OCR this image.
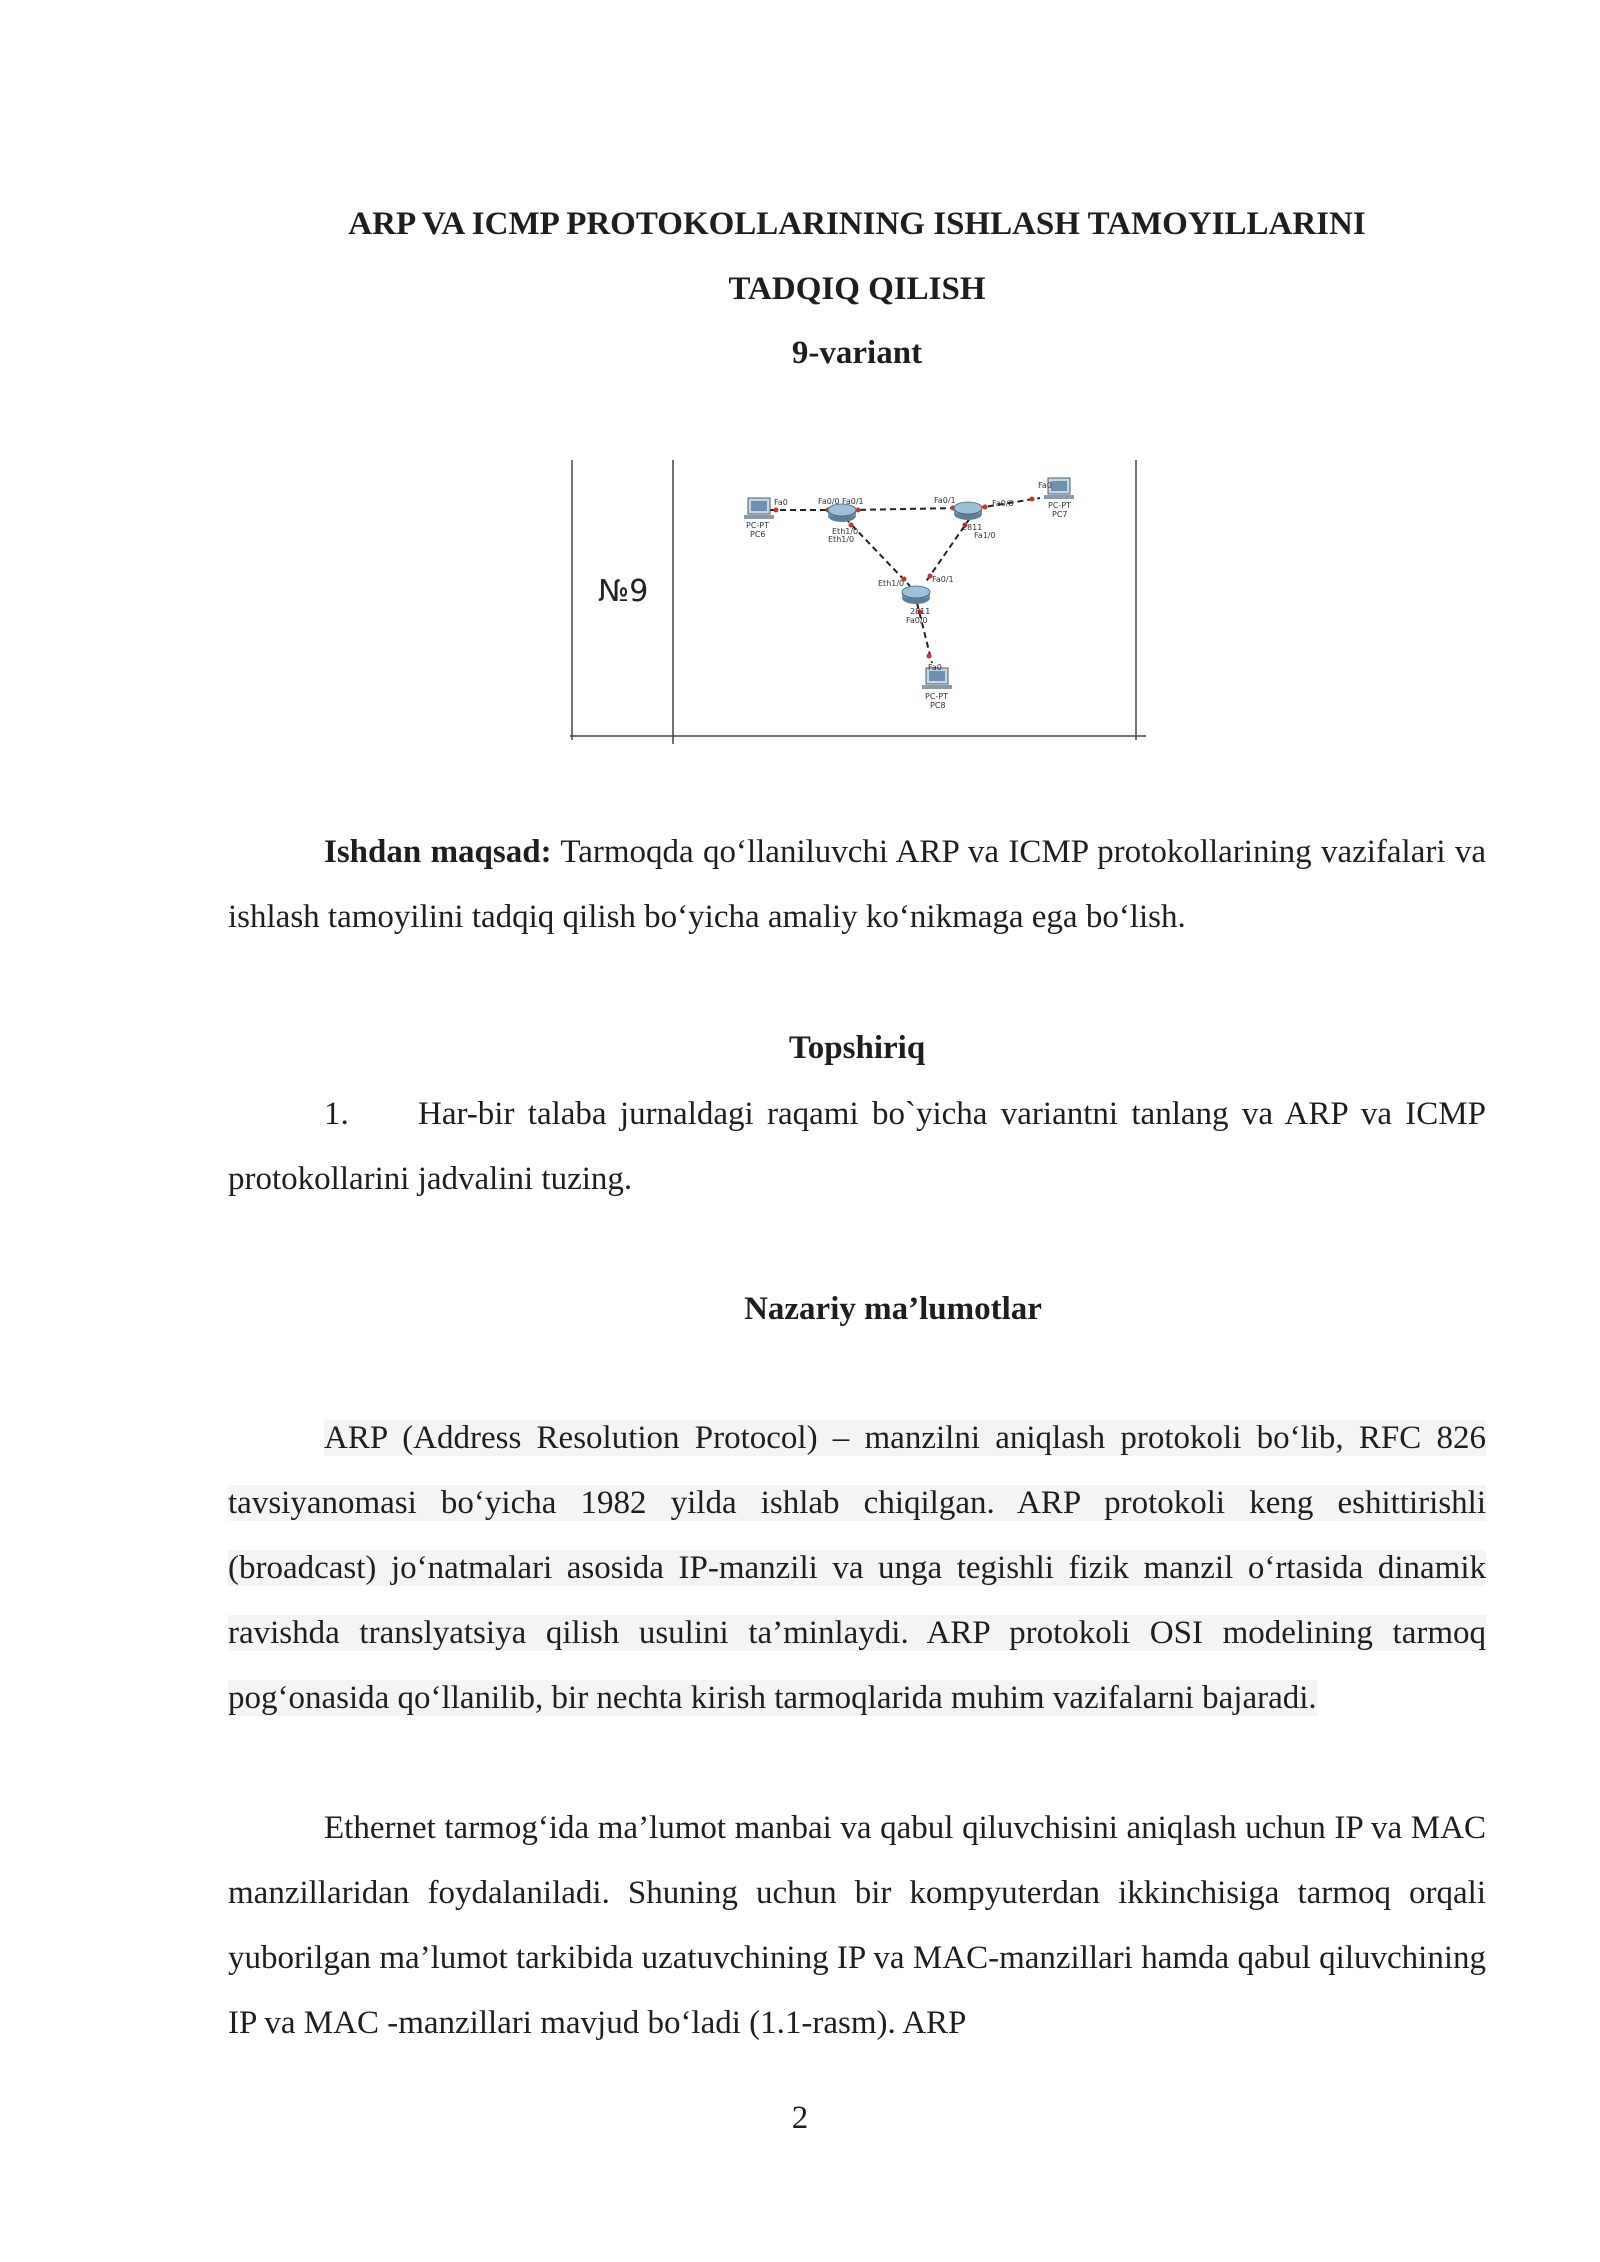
ARP VA ICMP PROTOKOLLARINING ISHLASH TAMOYILLARINI
TADQIQ QILISH
9-variant
PC-PT
PC6
PC-PT
PC7
PC-PT
PC8
Eth1/0	2811
2811
Fa0	Fa0/0 Fa0/1	Fa0/1	Fa0/0
Fa0
Eth1/0	Fa1/0
Eth1/0	Fa0/1
Fa0/0
Fa0
№9
Ishdan maqsad: Tarmoqda qo‘llaniluvchi ARP va ICMP protokollarining vazifalari va ishlash tamoyilini tadqiq qilish bo‘yicha amaliy ko‘nikmaga ega bo‘lish.
Topshiriq
1. Har-bir talaba jurnaldagi raqami bo`yicha variantni tanlang va ARP va ICMP protokollarini jadvalini tuzing.
Nazariy ma’lumotlar
ARP (Address Resolution Protocol) – manzilni aniqlash protokoli bo‘lib, RFC 826 tavsiyanomasi bo‘yicha 1982 yilda ishlab chiqilgan. ARP protokoli keng eshittirishli (broadcast) jo‘natmalari asosida IP-manzili va unga tegishli fizik manzil o‘rtasida dinamik ravishda translyatsiya qilish usulini ta’minlaydi. ARP protokoli OSI modelining tarmoq pog‘onasida qo‘llanilib, bir nechta kirish tarmoqlarida muhim vazifalarni bajaradi.
Ethernet tarmog‘ida ma’lumot manbai va qabul qiluvchisini aniqlash uchun IP va MAC manzillaridan foydalaniladi. Shuning uchun bir kompyuterdan ikkinchisiga tarmoq orqali yuborilgan ma’lumot tarkibida uzatuvchining IP va MAC-manzillari hamda qabul qiluvchining IP va MAC -manzillari mavjud bo‘ladi (1.1-rasm). ARP
2
